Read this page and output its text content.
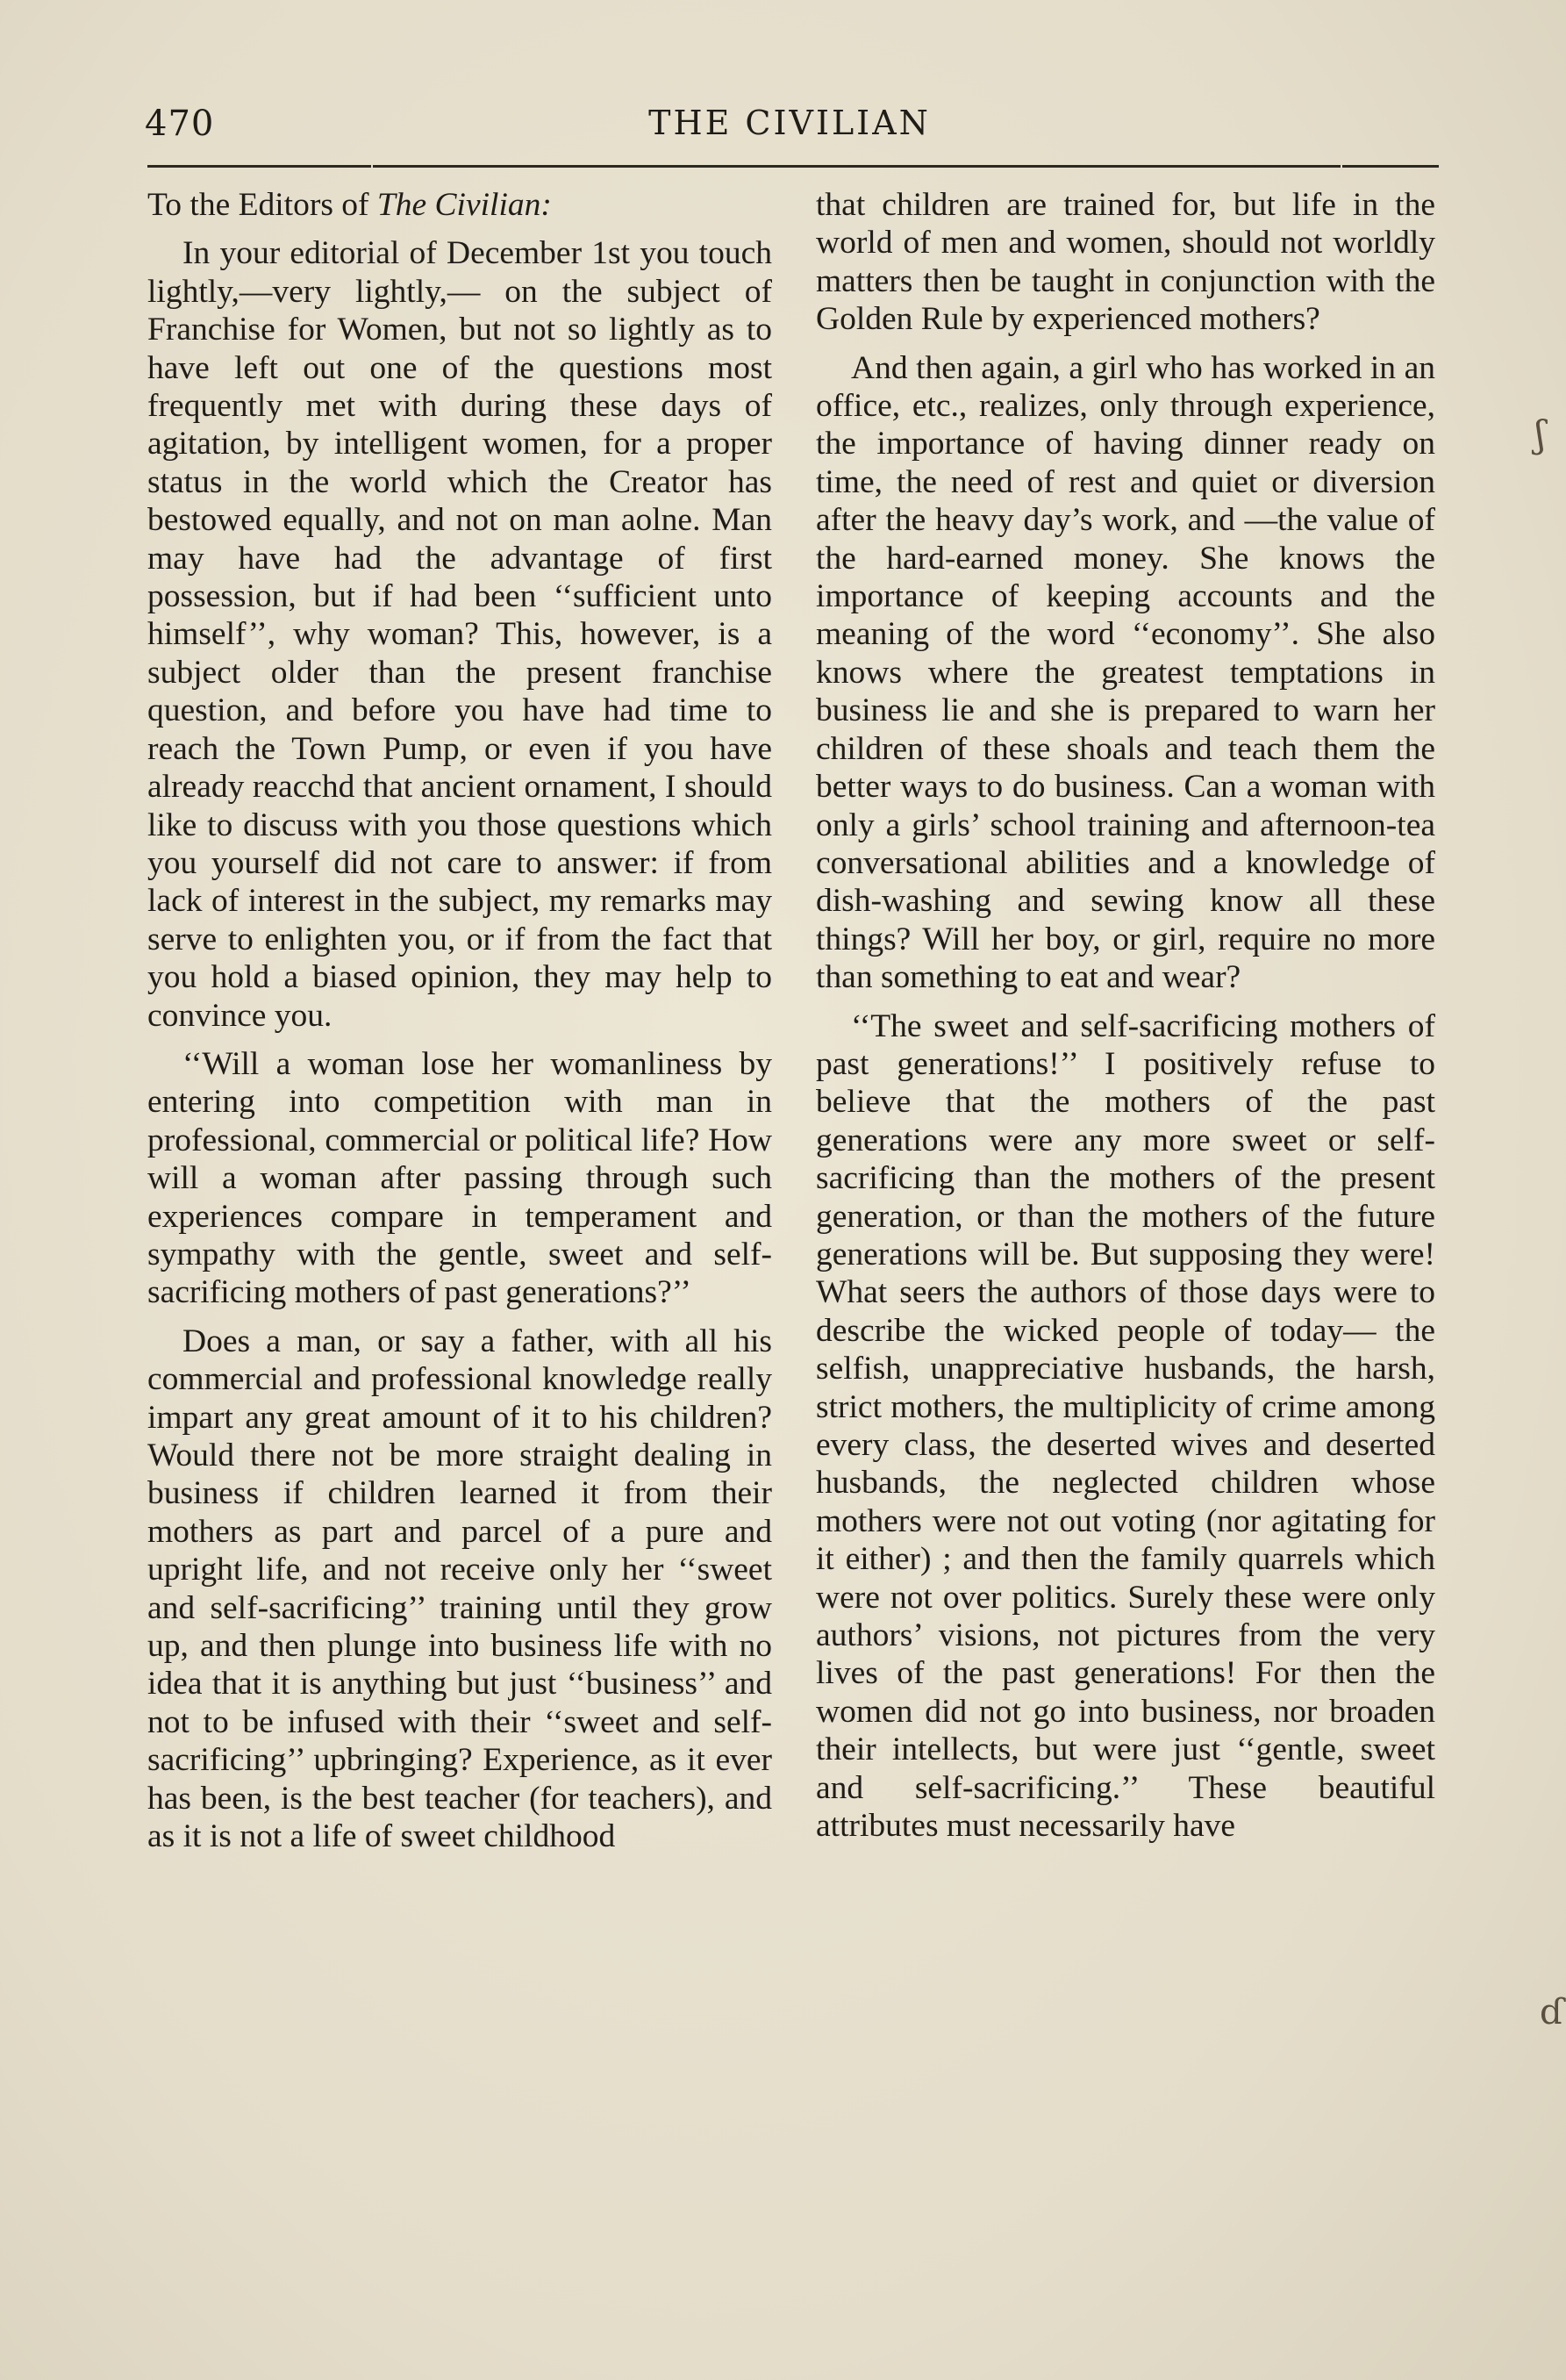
470	THE CIVILIAN

To the Editors of The Civilian:

In your editorial of December 1st you touch lightly,—very lightly,— on the subject of Franchise for Women, but not so lightly as to have left out one of the questions most frequently met with during these days of agitation, by intelligent women, for a proper status in the world which the Creator has bestowed equally, and not on man aolne. Man may have had the advantage of first possession, but if had been ‘‘sufficient unto himself’’, why woman? This, however, is a subject older than the present franchise question, and before you have had time to reach the Town Pump, or even if you have already reacchd that ancient ornament, I should like to discuss with you those questions which you yourself did not care to answer: if from lack of interest in the subject, my remarks may serve to enlighten you, or if from the fact that you hold a biased opinion, they may help to convince you.

‘‘Will a woman lose her womanliness by entering into competition with man in professional, commercial or political life? How will a woman after passing through such experiences compare in temperament and sympathy with the gentle, sweet and self-sacrificing mothers of past generations?’’

Does a man, or say a father, with all his commercial and professional knowledge really impart any great amount of it to his children? Would there not be more straight dealing in business if children learned it from their mothers as part and parcel of a pure and upright life, and not receive only her ‘‘sweet and self-sacrificing’’ training until they grow up, and then plunge into business life with no idea that it is anything but just ‘‘business’’ and not to be infused with their ‘‘sweet and self-sacrificing’’ upbringing? Experience, as it ever has been, is the best teacher (for teachers), and as it is not a life of sweet childhood

that children are trained for, but life in the world of men and women, should not worldly matters then be taught in conjunction with the Golden Rule by experienced mothers?

And then again, a girl who has worked in an office, etc., realizes, only through experience, the importance of having dinner ready on time, the need of rest and quiet or diversion after the heavy day’s work, and —the value of the hard-earned money. She knows the importance of keeping accounts and the meaning of the word ‘‘economy’’. She also knows where the greatest temptations in business lie and she is prepared to warn her children of these shoals and teach them the better ways to do business. Can a woman with only a girls’ school training and afternoon-tea conversational abilities and a knowledge of dish-washing and sewing know all these things? Will her boy, or girl, require no more than something to eat and wear?

‘‘The sweet and self-sacrificing mothers of past generations!’’ I positively refuse to believe that the mothers of the past generations were any more sweet or self-sacrificing than the mothers of the present generation, or than the mothers of the future generations will be. But supposing they were! What seers the authors of those days were to describe the wicked people of today— the selfish, unappreciative husbands, the harsh, strict mothers, the multiplicity of crime among every class, the deserted wives and deserted husbands, the neglected children whose mothers were not out voting (nor agitating for it either) ; and then the family quarrels which were not over politics. Surely these were only authors’ visions, not pictures from the very lives of the past generations! For then the women did not go into business, nor broaden their intellects, but were just ‘‘gentle, sweet and self-sacrificing.’’ These beautiful attributes must necessarily have

ʃ
ɗ
